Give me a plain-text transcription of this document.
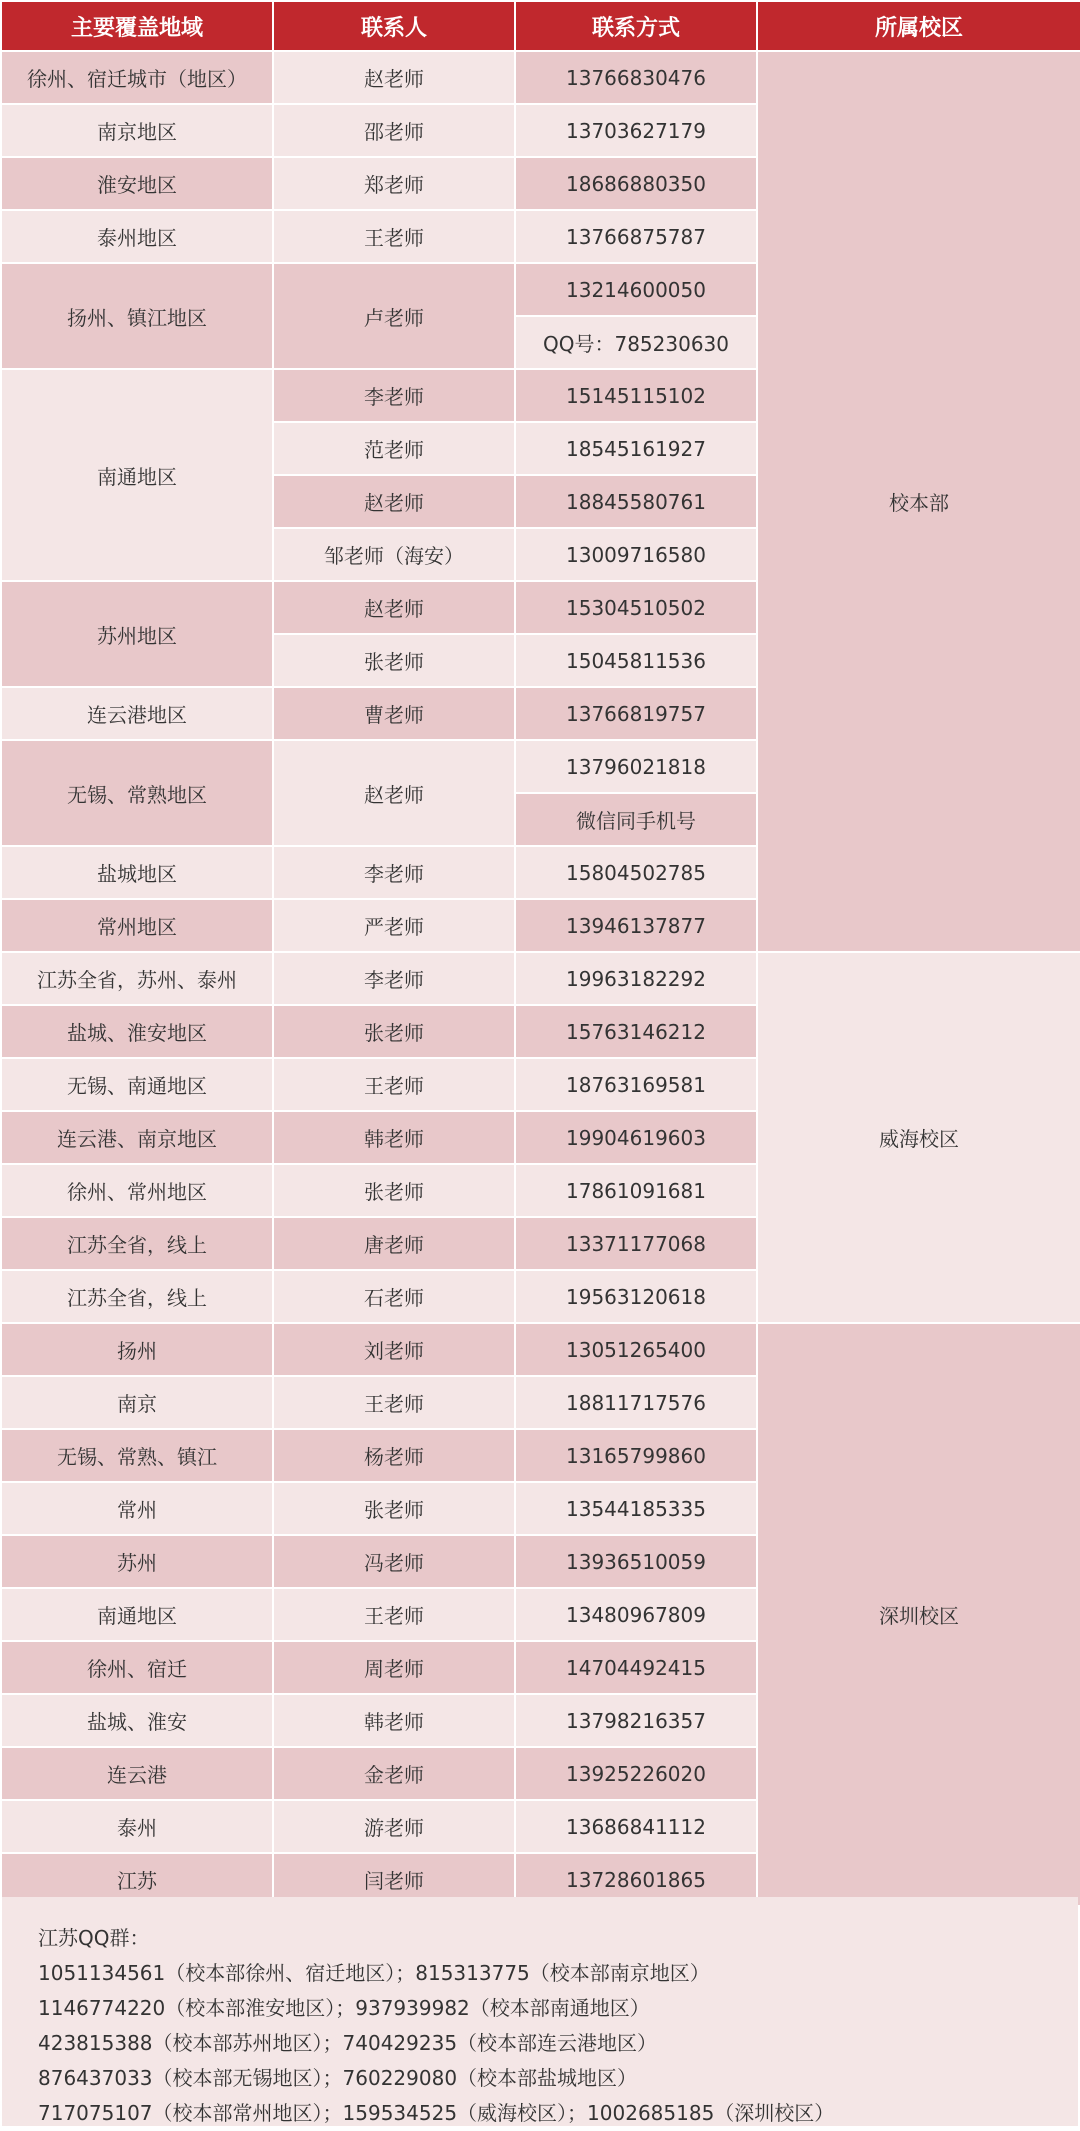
主要覆盖地域	联系人	联系方式	所属校区
徐州、宿迁城市（地区）	赵老师	13766830476	校本部
南京地区	邵老师	13703627179	
淮安地区	郑老师	18686880350	
泰州地区	王老师	13766875787	
扬州、镇江地区	卢老师	13214600050	
		QQ号：785230630	
南通地区	李老师	15145115102	
	范老师	18545161927	
	赵老师	18845580761	
	邹老师（海安）	13009716580	
苏州地区	赵老师	15304510502	
	张老师	15045811536	
连云港地区	曹老师	13766819757	
无锡、常熟地区	赵老师	13796021818	
		微信同手机号	
盐城地区	李老师	15804502785	
常州地区	严老师	13946137877	
江苏全省，苏州、泰州	李老师	19963182292	威海校区
盐城、淮安地区	张老师	15763146212	
无锡、南通地区	王老师	18763169581	
连云港、南京地区	韩老师	19904619603	
徐州、常州地区	张老师	17861091681	
江苏全省，线上	唐老师	13371177068	
江苏全省，线上	石老师	19563120618	
扬州	刘老师	13051265400	深圳校区
南京	王老师	18811717576	
无锡、常熟、镇江	杨老师	13165799860	
常州	张老师	13544185335	
苏州	冯老师	13936510059	
南通地区	王老师	13480967809	
徐州、宿迁	周老师	14704492415	
盐城、淮安	韩老师	13798216357	
连云港	金老师	13925226020	
泰州	游老师	13686841112	
江苏	闫老师	13728601865	
江苏QQ群：
1051134561（校本部徐州、宿迁地区）；815313775（校本部南京地区）
1146774220（校本部淮安地区）；937939982（校本部南通地区）
423815388（校本部苏州地区）；740429235（校本部连云港地区）
876437033（校本部无锡地区）；760229080（校本部盐城地区）
717075107（校本部常州地区）；159534525（威海校区）；1002685185（深圳校区）
